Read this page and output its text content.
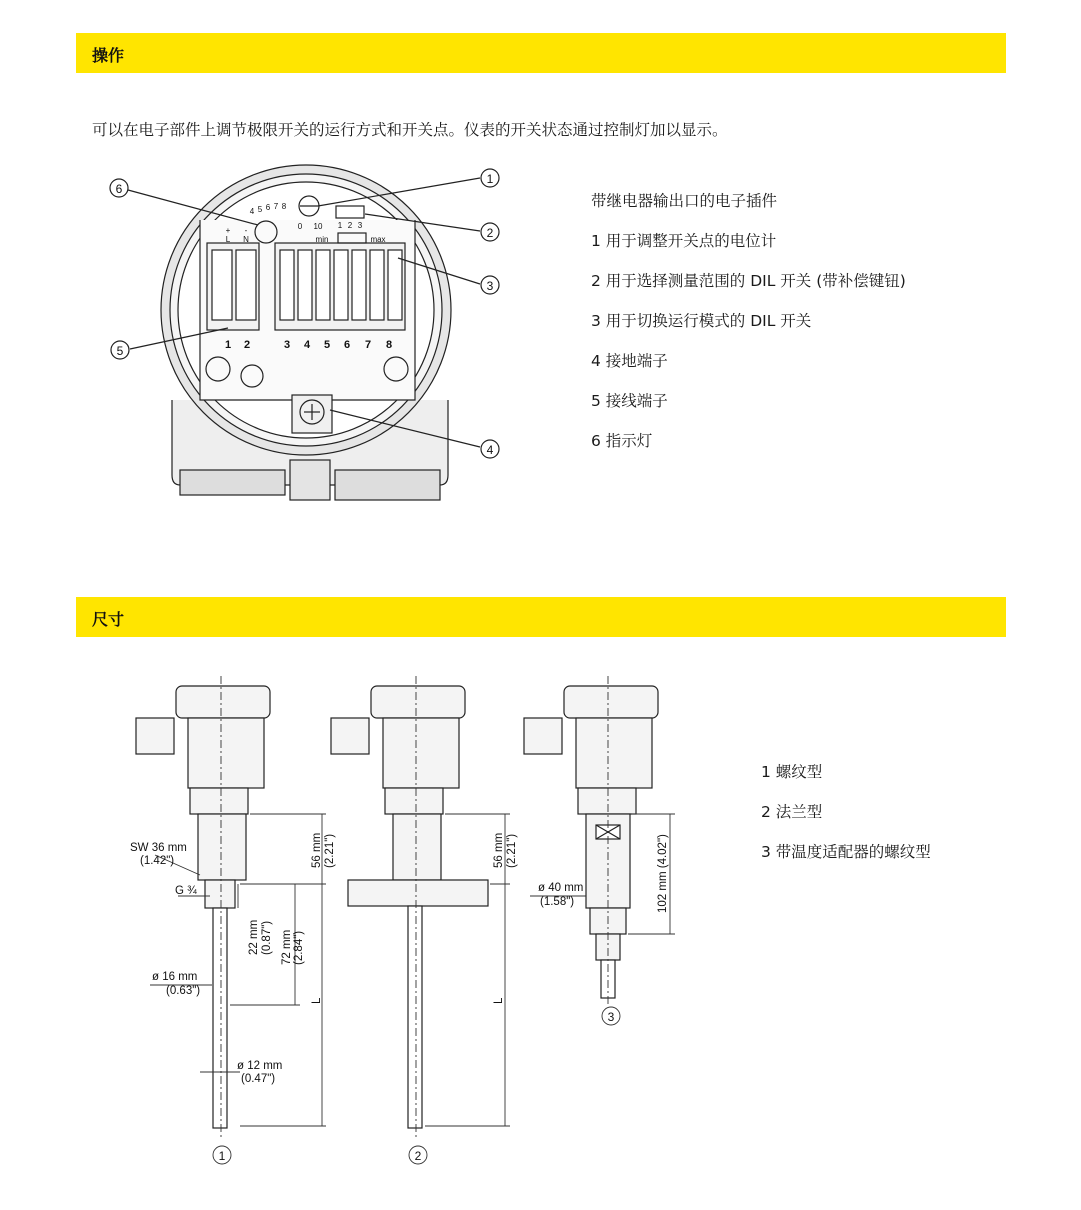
操作
可以在电子部件上调节极限开关的运行方式和开关点。仪表的开关状态通过控制灯加以显示。
6
1
2
3
5
4
1 2	3 4 5 6 7 8
0 10
min	max
1 2 3
4 5 6 7 8
+ -
L N
带继电器输出口的电子插件
1 用于调整开关点的电位计
2 用于选择测量范围的 DIL 开关 (带补偿键钮)
3 用于切换运行模式的 DIL 开关
4 接地端子
5 接线端子
6 指示灯
尺寸
SW 36 mm
(1.42")
G ¾
ø 16 mm
(0.63")
ø 12 mm
(0.47")
ø 40 mm
(1.58")
22 mm (0.87") 72 mm (2.84")
56 mm (2.21")	56 mm (2.21")	102 mm (4.02")
L	L
1	2
3
1 螺纹型
2 法兰型
3 带温度适配器的螺纹型
